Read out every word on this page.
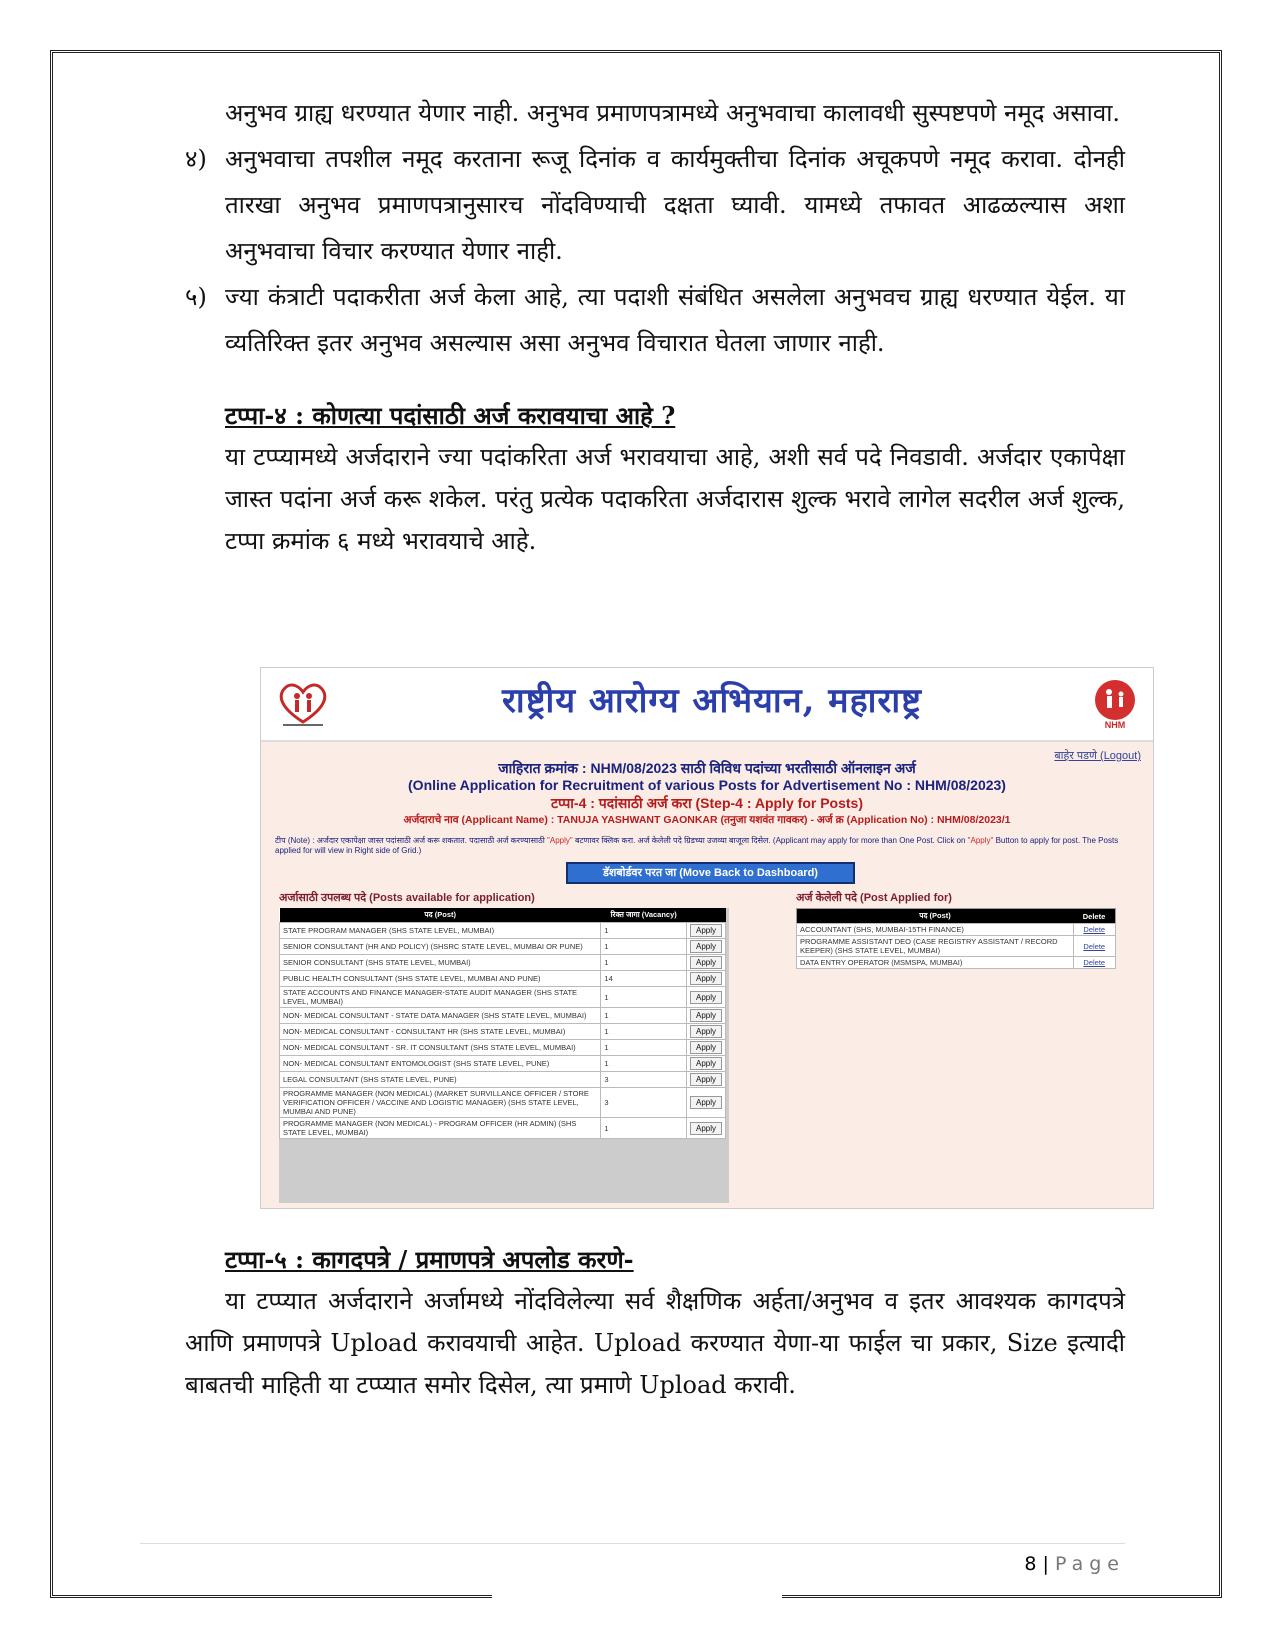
अनुभव ग्राह्य धरण्यात येणार नाही. अनुभव प्रमाणपत्रामध्ये अनुभवाचा कालावधी सुस्पष्टपणे नमूद असावा.

४) अनुभवाचा तपशील नमूद करताना रूजू दिनांक व कार्यमुक्तीचा दिनांक अचूकपणे नमूद करावा. दोनही तारखा अनुभव प्रमाणपत्रानुसारच नोंदविण्याची दक्षता घ्यावी. यामध्ये तफावत आढळल्यास अशा अनुभवाचा विचार करण्यात येणार नाही.
५) ज्या कंत्राटी पदाकरीता अर्ज केला आहे, त्या पदाशी संबंधित असलेला अनुभवच ग्राह्य धरण्यात येईल. या व्यतिरिक्त इतर अनुभव असल्यास असा अनुभव विचारात घेतला जाणार नाही.
टप्पा-४ : कोणत्या पदांसाठी अर्ज करावयाचा आहे ?

या टप्प्यामध्ये अर्जदाराने ज्या पदांकरिता अर्ज भरावयाचा आहे, अशी सर्व पदे निवडावी. अर्जदार एकापेक्षा जास्त पदांना अर्ज करू शकेल. परंतु प्रत्येक पदाकरिता अर्जदारास शुल्क भरावे लागेल सदरील अर्ज शुल्क, टप्पा क्रमांक ६ मध्ये भरावयाचे आहे.

राष्ट्रीय आरोग्य अभियान, महाराष्ट्र
NHM
बाहेर पडणे (Logout)
जाहिरात क्रमांक : NHM/08/2023 साठी विविध पदांच्या भरतीसाठी ऑनलाइन अर्ज
(Online Application for Recruitment of various Posts for Advertisement No : NHM/08/2023)
टप्पा-4 : पदांसाठी अर्ज करा (Step-4 : Apply for Posts)
अर्जदाराचे नाव (Applicant Name) : TANUJA YASHWANT GAONKAR (तनुजा यशवंत गावकर) - अर्ज क्र (Application No) : NHM/08/2023/1
टीप (Note) : अर्जदार एकापेक्षा जास्त पदांसाठी अर्ज करू शकतात. पदासाठी अर्ज करण्यासाठी "Apply" बटणावर क्लिक करा. अर्ज केलेली पदे ग्रिडच्या उजव्या बाजूला दिसेल. (Applicant may apply for more than One Post. Click on "Apply" Button to apply for post. The Posts applied for will view in Right side of Grid.)
डॅशबोर्डवर परत जा (Move Back to Dashboard)
अर्जासाठी उपलब्ध पदे (Posts available for application)	अर्ज केलेली पदे (Post Applied for)
पद (Post)	रिक्त जागा (Vacancy)	
STATE PROGRAM MANAGER (SHS STATE LEVEL, MUMBAI)	1	Apply
SENIOR CONSULTANT (HR AND POLICY) (SHSRC STATE LEVEL, MUMBAI OR PUNE)	1	Apply
SENIOR CONSULTANT (SHS STATE LEVEL, MUMBAI)	1	Apply
PUBLIC HEALTH CONSULTANT (SHS STATE LEVEL, MUMBAI AND PUNE)	14	Apply
STATE ACCOUNTS AND FINANCE MANAGER-STATE AUDIT MANAGER (SHS STATE LEVEL, MUMBAI)	1	Apply
NON- MEDICAL CONSULTANT - STATE DATA MANAGER (SHS STATE LEVEL, MUMBAI)	1	Apply
NON- MEDICAL CONSULTANT - CONSULTANT HR (SHS STATE LEVEL, MUMBAI)	1	Apply
NON- MEDICAL CONSULTANT - SR. IT CONSULTANT (SHS STATE LEVEL, MUMBAI)	1	Apply
NON- MEDICAL CONSULTANT ENTOMOLOGIST (SHS STATE LEVEL, PUNE)	1	Apply
LEGAL CONSULTANT (SHS STATE LEVEL, PUNE)	3	Apply
PROGRAMME MANAGER (NON MEDICAL) (MARKET SURVILLANCE OFFICER / STORE VERIFICATION OFFICER / VACCINE AND LOGISTIC MANAGER) (SHS STATE LEVEL, MUMBAI AND PUNE)	3	Apply
PROGRAMME MANAGER (NON MEDICAL) - PROGRAM OFFICER (HR ADMIN) (SHS STATE LEVEL, MUMBAI)	1	Apply
पद (Post)	Delete
ACCOUNTANT (SHS, MUMBAI-15TH FINANCE)	Delete
PROGRAMME ASSISTANT DEO (CASE REGISTRY ASSISTANT / RECORD KEEPER) (SHS STATE LEVEL, MUMBAI)	Delete
DATA ENTRY OPERATOR (MSMSPA, MUMBAI)	Delete
टप्पा-५ : कागदपत्रे / प्रमाणपत्रे अपलोड करणे-

या टप्प्यात अर्जदाराने अर्जामध्ये नोंदविलेल्या सर्व शैक्षणिक अर्हता/अनुभव व इतर आवश्यक कागदपत्रे आणि प्रमाणपत्रे Upload करावयाची आहेत. Upload करण्यात येणा-या फाईल चा प्रकार, Size इत्यादी बाबतची माहिती या टप्प्यात समोर दिसेल, त्या प्रमाणे Upload करावी.

8 | Page
